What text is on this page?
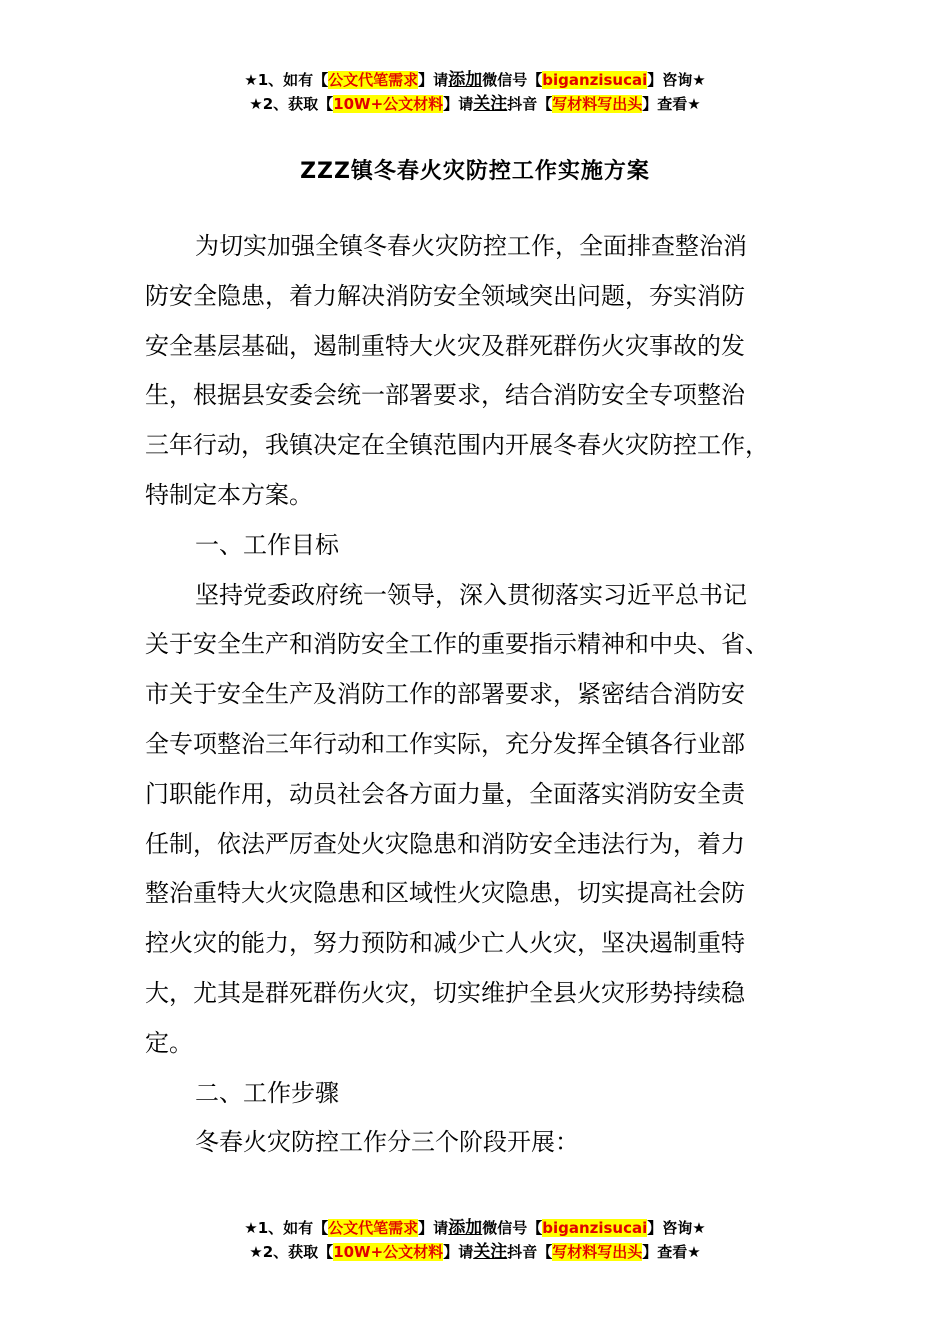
★1、如有【公文代笔需求】请添加微信号【biganzisucai】咨询★
★2、获取【10W+公文材料】请关注抖音【写材料写出头】查看★
ZZZ镇冬春火灾防控工作实施方案

为切实加强全镇冬春火灾防控工作，全面排查整治消

防安全隐患，着力解决消防安全领域突出问题，夯实消防

安全基层基础，遏制重特大火灾及群死群伤火灾事故的发

生，根据县安委会统一部署要求，结合消防安全专项整治

三年行动，我镇决定在全镇范围内开展冬春火灾防控工作，

特制定本方案。

一、工作目标

坚持党委政府统一领导，深入贯彻落实习近平总书记

关于安全生产和消防安全工作的重要指示精神和中央、省、

市关于安全生产及消防工作的部署要求，紧密结合消防安

全专项整治三年行动和工作实际，充分发挥全镇各行业部

门职能作用，动员社会各方面力量，全面落实消防安全责

任制，依法严厉查处火灾隐患和消防安全违法行为，着力

整治重特大火灾隐患和区域性火灾隐患，切实提高社会防

控火灾的能力，努力预防和减少亡人火灾，坚决遏制重特

大，尤其是群死群伤火灾，切实维护全县火灾形势持续稳

定。

二、工作步骤

冬春火灾防控工作分三个阶段开展：

★1、如有【公文代笔需求】请添加微信号【biganzisucai】咨询★
★2、获取【10W+公文材料】请关注抖音【写材料写出头】查看★
